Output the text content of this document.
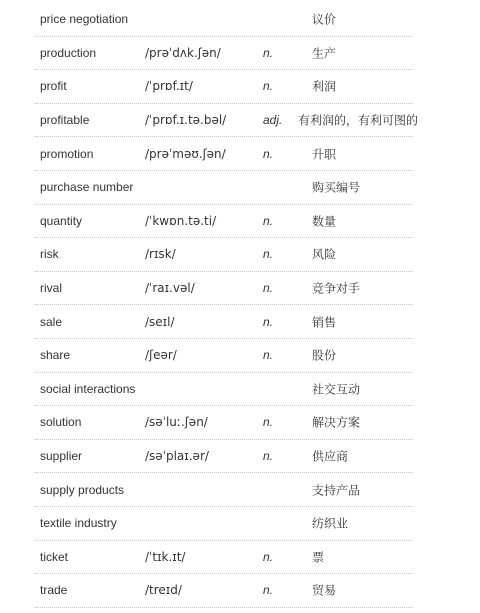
price negotiation	议价
production	/prəˈdʌk.ʃən/	n.	生产
profit	/ˈprɒf.ɪt/	n.	利润
profitable	/ˈprɒf.ɪ.tə.bəl/	adj. 有利润的，有利可图的
promotion	/prəˈməʊ.ʃən/	n.	升职
purchase number	购买编号
quantity	/ˈkwɒn.tə.ti/	n.	数量
risk	/rɪsk/	n.	风险
rival	/ˈraɪ.vəl/	n.	竞争对手
sale	/seɪl/	n.	销售
share	/ʃeər/	n.	股份
social interactions	社交互动
solution	/səˈluː.ʃən/	n.	解决方案
supplier	/səˈplaɪ.ər/	n.	供应商
supply products	支持产品
textile industry	纺织业
ticket	/ˈtɪk.ɪt/	n.	票
trade	/treɪd/	n.	贸易
